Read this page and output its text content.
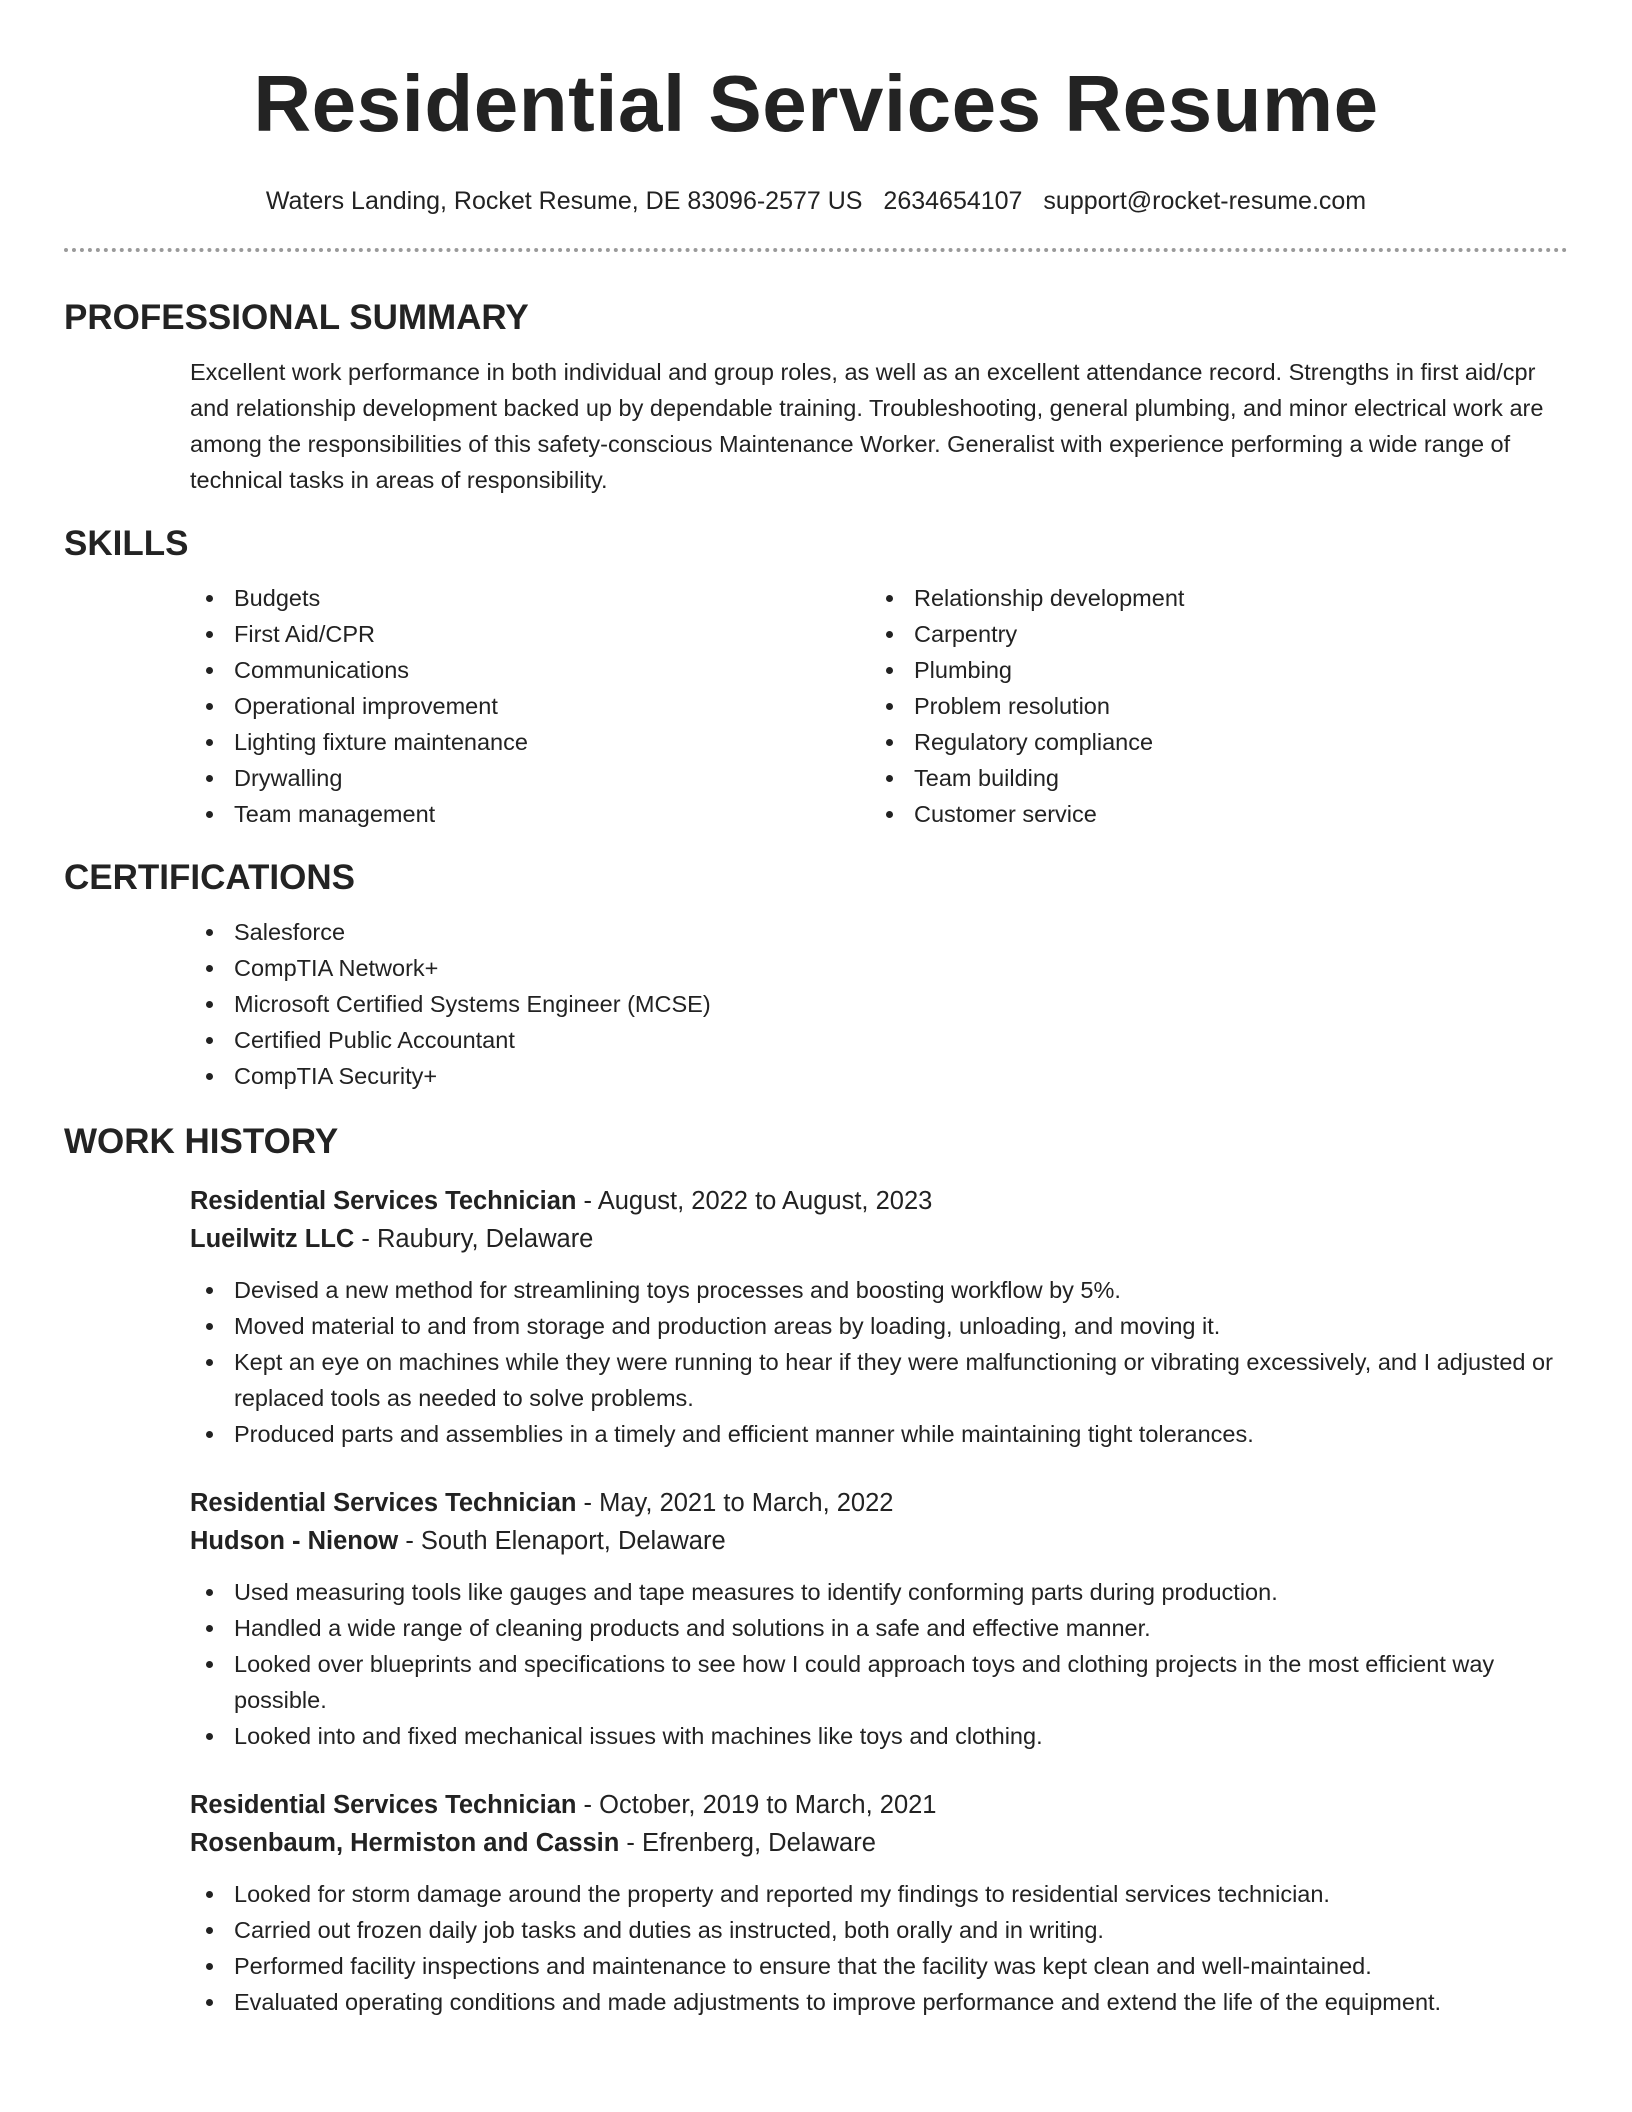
Residential Services Resume
Waters Landing, Rocket Resume, DE 83096-2577 US 2634654107 support@rocket-resume.com
PROFESSIONAL SUMMARY
Excellent work performance in both individual and group roles, as well as an excellent attendance record. Strengths in first aid/cpr and relationship development backed up by dependable training. Troubleshooting, general plumbing, and minor electrical work are among the responsibilities of this safety-conscious Maintenance Worker. Generalist with experience performing a wide range of technical tasks in areas of responsibility.
SKILLS
Budgets
First Aid/CPR
Communications
Operational improvement
Lighting fixture maintenance
Drywalling
Team management
Relationship development
Carpentry
Plumbing
Problem resolution
Regulatory compliance
Team building
Customer service
CERTIFICATIONS
Salesforce
CompTIA Network+
Microsoft Certified Systems Engineer (MCSE)
Certified Public Accountant
CompTIA Security+
WORK HISTORY
Residential Services Technician - August, 2022 to August, 2023
Lueilwitz LLC - Raubury, Delaware
Devised a new method for streamlining toys processes and boosting workflow by 5%.
Moved material to and from storage and production areas by loading, unloading, and moving it.
Kept an eye on machines while they were running to hear if they were malfunctioning or vibrating excessively, and I adjusted or replaced tools as needed to solve problems.
Produced parts and assemblies in a timely and efficient manner while maintaining tight tolerances.
Residential Services Technician - May, 2021 to March, 2022
Hudson - Nienow - South Elenaport, Delaware
Used measuring tools like gauges and tape measures to identify conforming parts during production.
Handled a wide range of cleaning products and solutions in a safe and effective manner.
Looked over blueprints and specifications to see how I could approach toys and clothing projects in the most efficient way possible.
Looked into and fixed mechanical issues with machines like toys and clothing.
Residential Services Technician - October, 2019 to March, 2021
Rosenbaum, Hermiston and Cassin - Efrenberg, Delaware
Looked for storm damage around the property and reported my findings to residential services technician.
Carried out frozen daily job tasks and duties as instructed, both orally and in writing.
Performed facility inspections and maintenance to ensure that the facility was kept clean and well-maintained.
Evaluated operating conditions and made adjustments to improve performance and extend the life of the equipment.
